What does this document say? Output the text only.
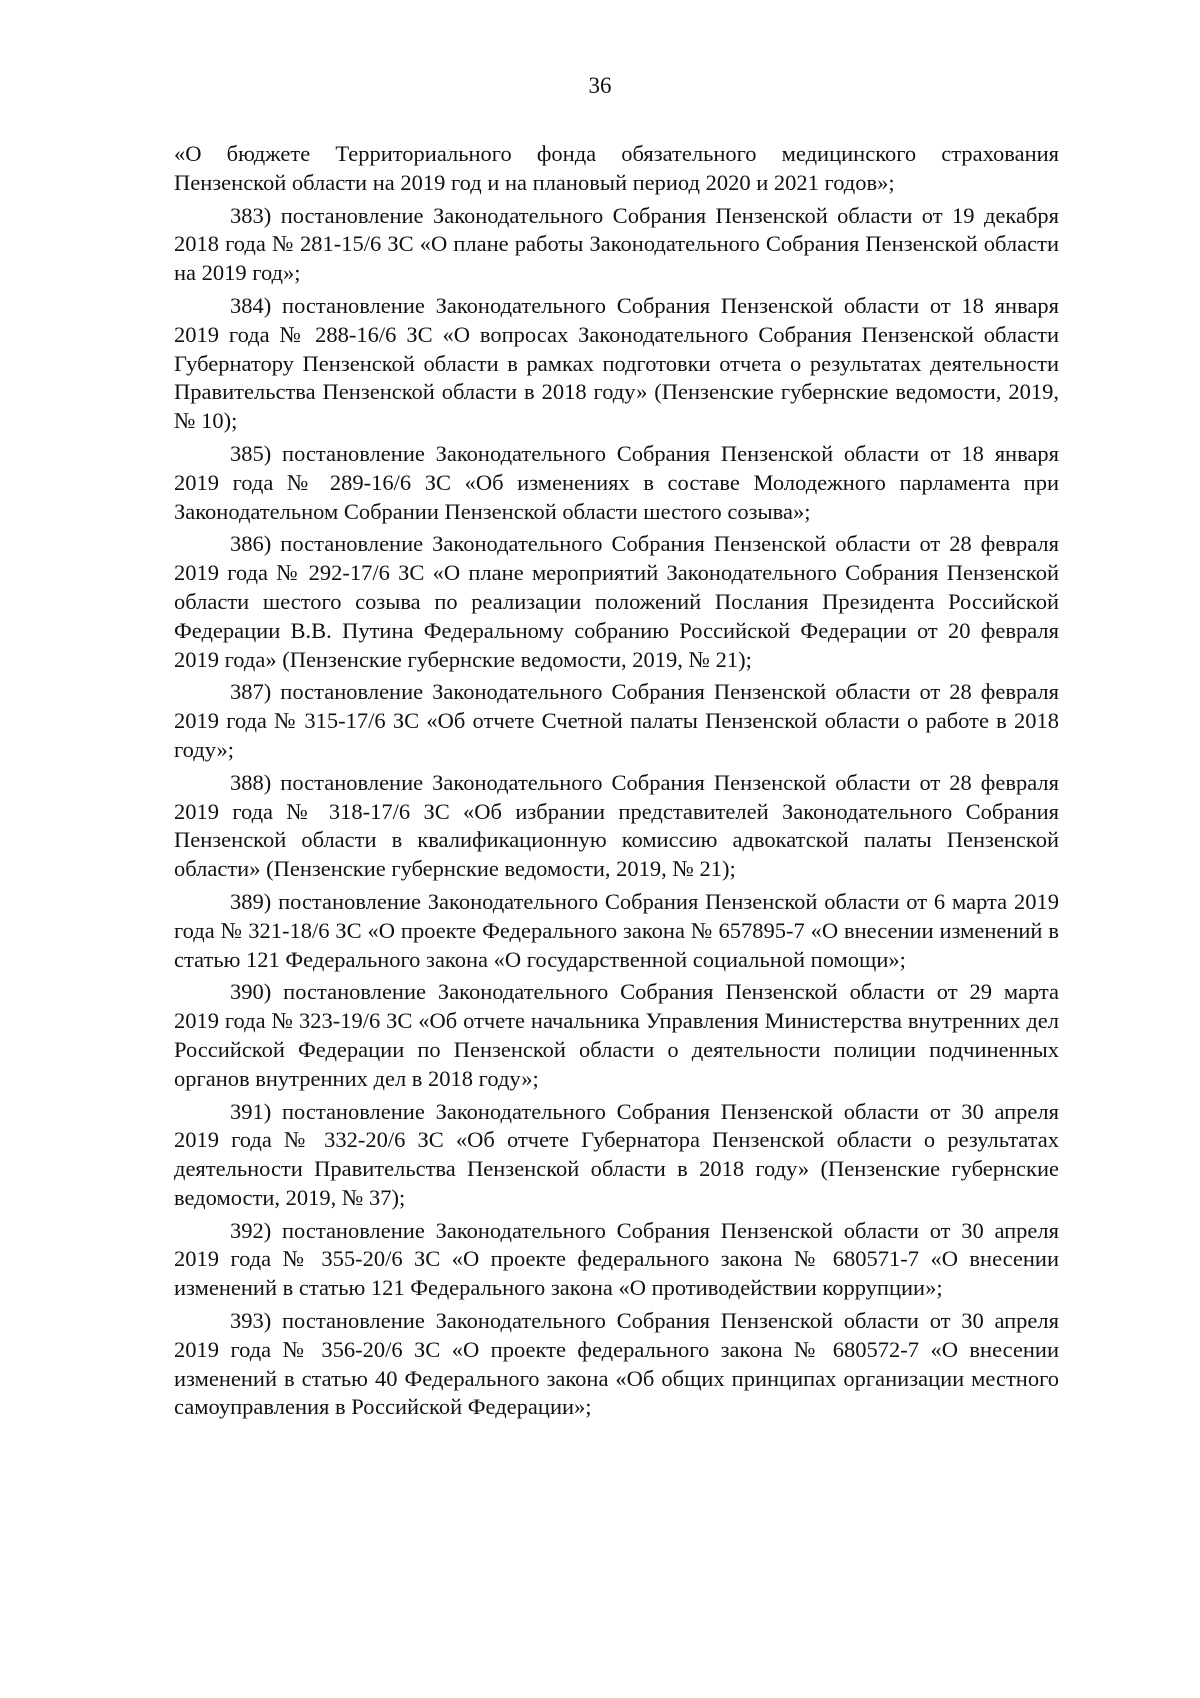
36

«О бюджете Территориального фонда обязательного медицинского страхования Пензенской области на 2019 год и на плановый период 2020 и 2021 годов»;

383) постановление Законодательного Собрания Пензенской области от 19 декабря 2018 года № 281-15/6 ЗС «О плане работы Законодательного Собрания Пензенской области на 2019 год»;

384) постановление Законодательного Собрания Пензенской области от 18 января 2019 года № 288-16/6 ЗС «О вопросах Законодательного Собрания Пензенской области Губернатору Пензенской области в рамках подготовки отчета о результатах деятельности Правительства Пензенской области в 2018 году» (Пензенские губернские ведомости, 2019, № 10);

385) постановление Законодательного Собрания Пензенской области от 18 января 2019 года № 289-16/6 ЗС «Об изменениях в составе Молодежного парламента при Законодательном Собрании Пензенской области шестого созыва»;

386) постановление Законодательного Собрания Пензенской области от 28 февраля 2019 года № 292-17/6 ЗС «О плане мероприятий Законодательного Собрания Пензенской области шестого созыва по реализации положений Послания Президента Российской Федерации В.В. Путина Федеральному собранию Российской Федерации от 20 февраля 2019 года» (Пензенские губернские ведомости, 2019, № 21);

387) постановление Законодательного Собрания Пензенской области от 28 февраля 2019 года № 315-17/6 ЗС «Об отчете Счетной палаты Пензенской области о работе в 2018 году»;

388) постановление Законодательного Собрания Пензенской области от 28 февраля 2019 года № 318-17/6 ЗС «Об избрании представителей Законодательного Собрания Пензенской области в квалификационную комиссию адвокатской палаты Пензенской области» (Пензенские губернские ведомости, 2019, № 21);

389) постановление Законодательного Собрания Пензенской области от 6 марта 2019 года № 321-18/6 ЗС «О проекте Федерального закона № 657895-7 «О внесении изменений в статью 121 Федерального закона «О государственной социальной помощи»;

390) постановление Законодательного Собрания Пензенской области от 29 марта 2019 года № 323-19/6 ЗС «Об отчете начальника Управления Министерства внутренних дел Российской Федерации по Пензенской области о деятельности полиции подчиненных органов внутренних дел в 2018 году»;

391) постановление Законодательного Собрания Пензенской области от 30 апреля 2019 года № 332-20/6 ЗС «Об отчете Губернатора Пензенской области о результатах деятельности Правительства Пензенской области в 2018 году» (Пензенские губернские ведомости, 2019, № 37);

392) постановление Законодательного Собрания Пензенской области от 30 апреля 2019 года № 355-20/6 ЗС «О проекте федерального закона № 680571-7 «О внесении изменений в статью 121 Федерального закона «О противодействии коррупции»;

393) постановление Законодательного Собрания Пензенской области от 30 апреля 2019 года № 356-20/6 ЗС «О проекте федерального закона № 680572-7 «О внесении изменений в статью 40 Федерального закона «Об общих принципах организации местного самоуправления в Российской Федерации»;
